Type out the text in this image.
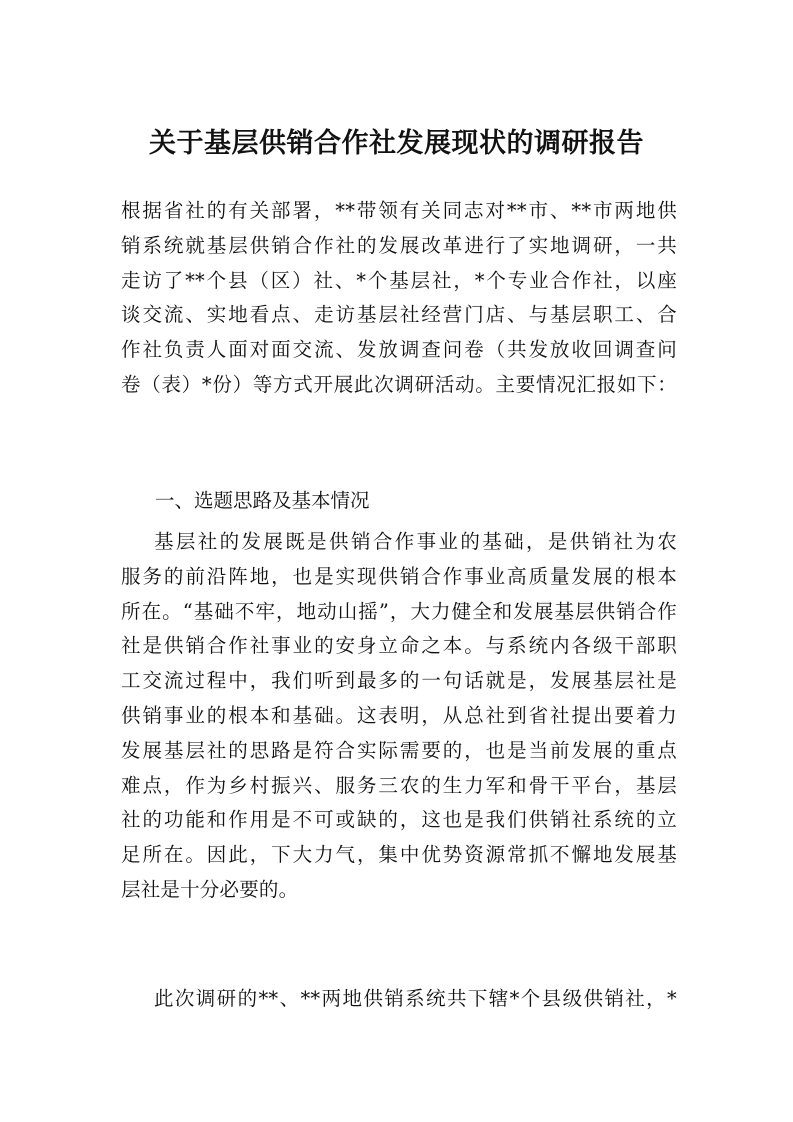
关于基层供销合作社发展现状的调研报告
根据省社的有关部署，**带领有关同志对**市、**市两地供
销系统就基层供销合作社的发展改革进行了实地调研，一共
走访了**个县（区）社、*个基层社，*个专业合作社，以座
谈交流、实地看点、走访基层社经营门店、与基层职工、合
作社负责人面对面交流、发放调查问卷（共发放收回调查问
卷（表）*份）等方式开展此次调研活动。主要情况汇报如下：
一、选题思路及基本情况
基层社的发展既是供销合作事业的基础，是供销社为农
服务的前沿阵地，也是实现供销合作事业高质量发展的根本
所在。“基础不牢，地动山摇”，大力健全和发展基层供销合作
社是供销合作社事业的安身立命之本。与系统内各级干部职
工交流过程中，我们听到最多的一句话就是，发展基层社是
供销事业的根本和基础。这表明，从总社到省社提出要着力
发展基层社的思路是符合实际需要的，也是当前发展的重点
难点，作为乡村振兴、服务三农的生力军和骨干平台，基层
社的功能和作用是不可或缺的，这也是我们供销社系统的立
足所在。因此，下大力气，集中优势资源常抓不懈地发展基
层社是十分必要的。
此次调研的**、**两地供销系统共下辖*个县级供销社，*
